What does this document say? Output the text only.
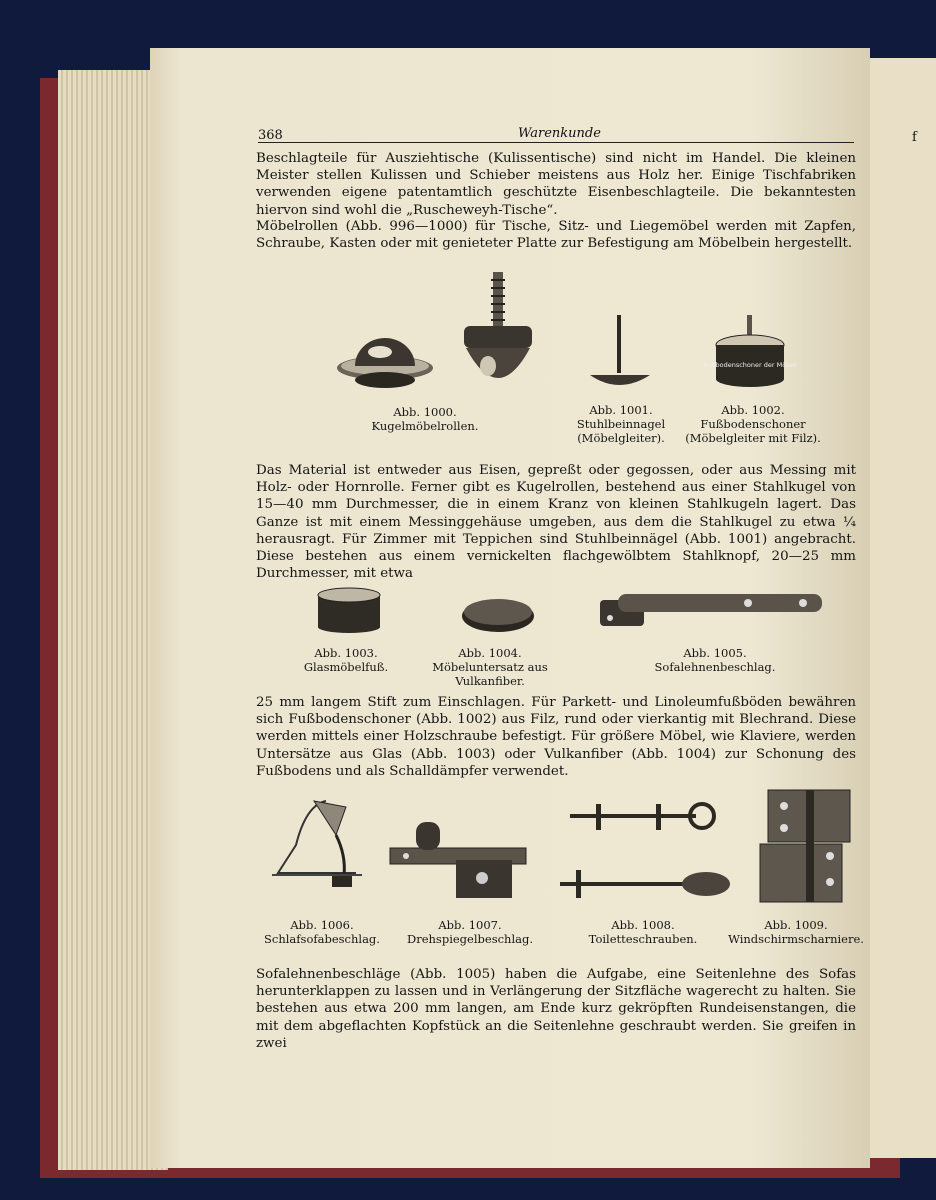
f
368	Warenkunde

Beschlagteile für Ausziehtische (Kulissentische) sind nicht im Handel. Die kleinen Meister stellen Kulissen und Schieber meistens aus Holz her. Einige Tischfabriken verwenden eigene patentamtlich geschützte Eisenbeschlagteile. Die bekanntesten hiervon sind wohl die „Ruscheweyh-Tische“.

Möbelrollen (Abb. 996—1000) für Tische, Sitz- und Liegemöbel werden mit Zapfen, Schraube, Kasten oder mit genieteter Platte zur Befestigung am Möbelbein hergestellt.

Fußbodenschoner der Möbel

Abb. 1000. Kugelmöbelrollen.

Abb. 1001. Stuhlbeinnagel (Möbelgleiter).

Abb. 1002. Fußbodenschoner (Möbelgleiter mit Filz).

Das Material ist entweder aus Eisen, gepreßt oder gegossen, oder aus Messing mit Holz- oder Hornrolle. Ferner gibt es Kugelrollen, bestehend aus einer Stahlkugel von 15—40 mm Durchmesser, die in einem Kranz von kleinen Stahlkugeln lagert. Das Ganze ist mit einem Messinggehäuse umgeben, aus dem die Stahlkugel zu etwa ¼ herausragt. Für Zimmer mit Teppichen sind Stuhlbeinnägel (Abb. 1001) angebracht. Diese bestehen aus einem vernickelten flachgewölbtem Stahlknopf, 20—25 mm Durchmesser, mit etwa

Abb. 1003. Glasmöbelfuß.

Abb. 1004. Möbeluntersatz aus Vulkanfiber.

Abb. 1005. Sofalehnenbeschlag.

25 mm langem Stift zum Einschlagen. Für Parkett- und Linoleumfußböden bewähren sich Fußbodenschoner (Abb. 1002) aus Filz, rund oder vierkantig mit Blechrand. Diese werden mittels einer Holzschraube befestigt. Für größere Möbel, wie Klaviere, werden Untersätze aus Glas (Abb. 1003) oder Vulkanfiber (Abb. 1004) zur Schonung des Fußbodens und als Schalldämpfer verwendet.

Abb. 1006. Schlafsofabeschlag.

Abb. 1007. Drehspiegelbeschlag.

Abb. 1008. Toiletteschrauben.

Abb. 1009. Windschirmscharniere.

Sofalehnenbeschläge (Abb. 1005) haben die Aufgabe, eine Seitenlehne des Sofas herunterklappen zu lassen und in Verlängerung der Sitzfläche wagerecht zu halten. Sie bestehen aus etwa 200 mm langen, am Ende kurz gekröpften Rundeisenstangen, die mit dem abgeflachten Kopfstück an die Seitenlehne geschraubt werden. Sie greifen in zwei
